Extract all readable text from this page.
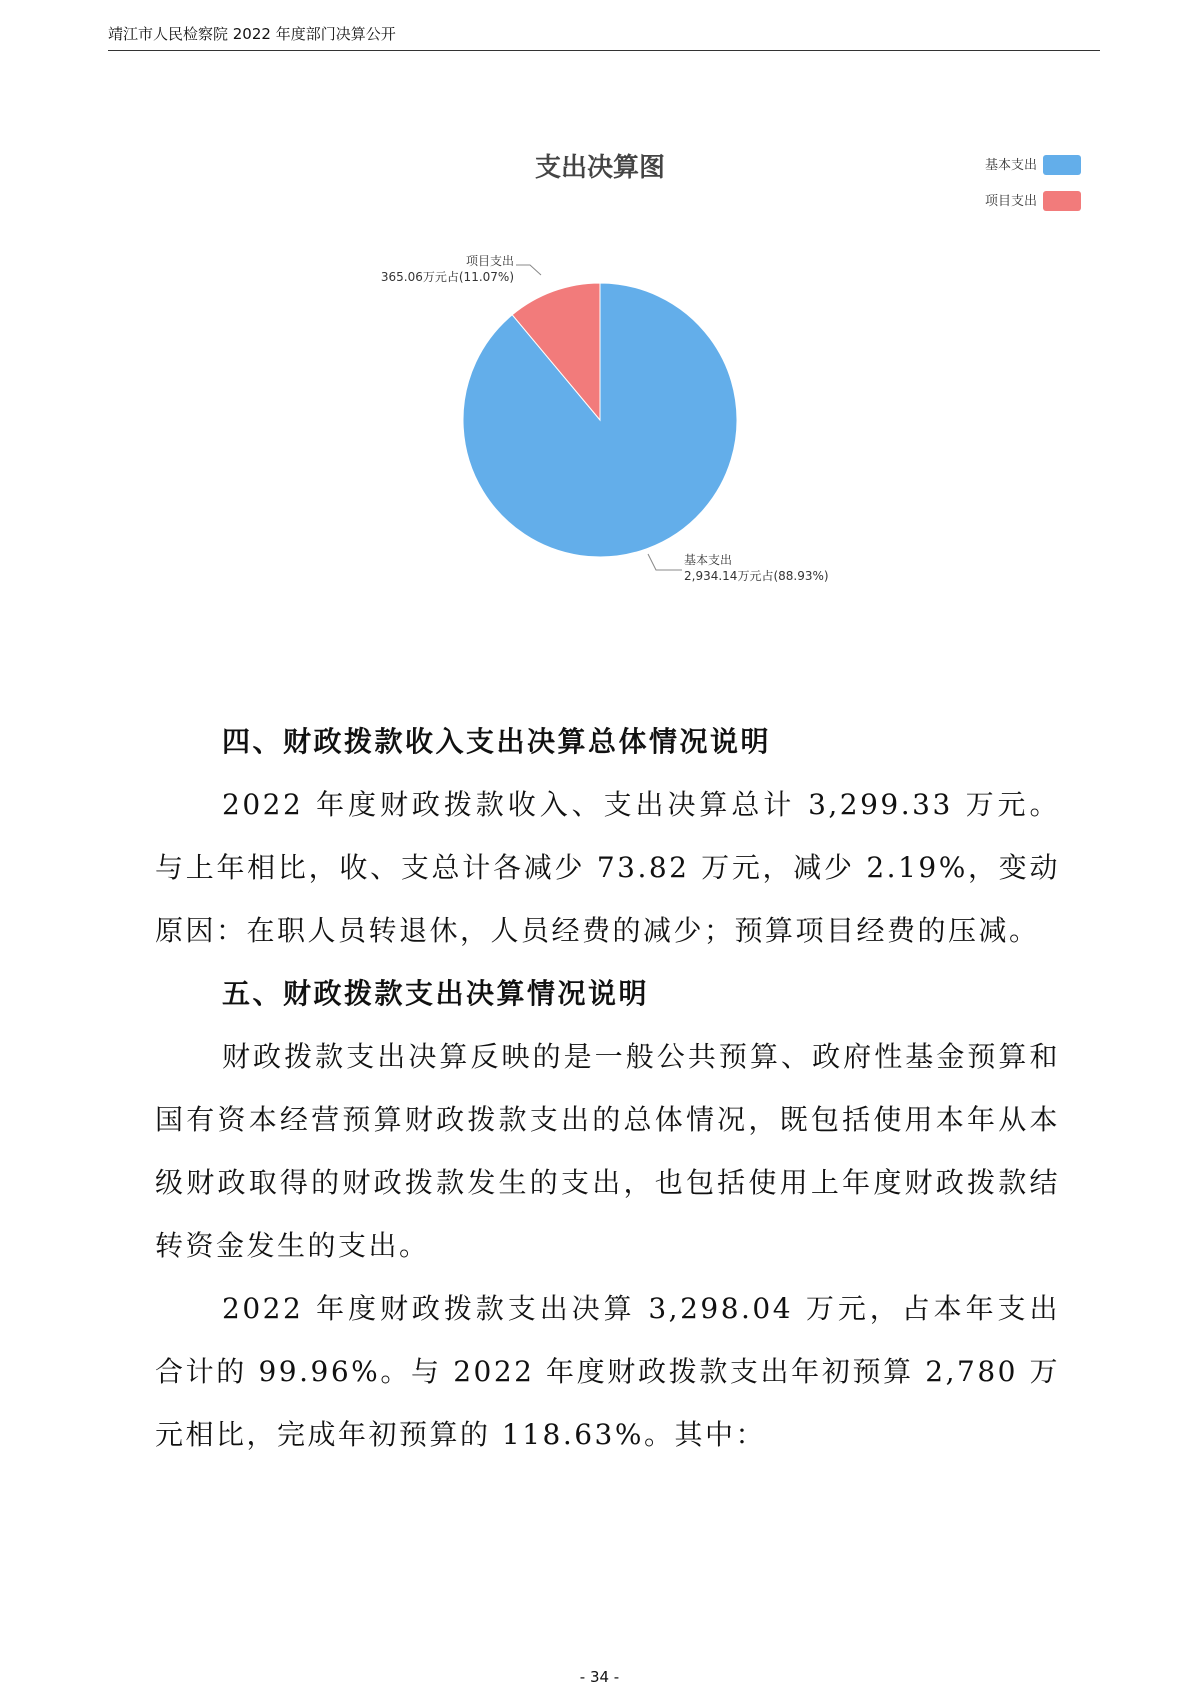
靖江市人民检察院 2022 年度部门决算公开
支出决算图	基本支出
项目支出
项目支出
365.06万元占(11.07%)
基本支出
2,934.14万元占(88.93%)
四、财政拨款收入支出决算总体情况说明

2022 年度财政拨款收入、支出决算总计 3,299.33 万元。与上年相比，收、支总计各减少 73.82 万元，减少 2.19%，变动原因：在职人员转退休，人员经费的减少；预算项目经费的压减。

五、财政拨款支出决算情况说明

财政拨款支出决算反映的是一般公共预算、政府性基金预算和国有资本经营预算财政拨款支出的总体情况，既包括使用本年从本级财政取得的财政拨款发生的支出，也包括使用上年度财政拨款结转资金发生的支出。

2022 年度财政拨款支出决算 3,298.04 万元，占本年支出合计的 99.96%。与 2022 年度财政拨款支出年初预算 2,780 万元相比，完成年初预算的 118.63%。其中：

- 34 -
